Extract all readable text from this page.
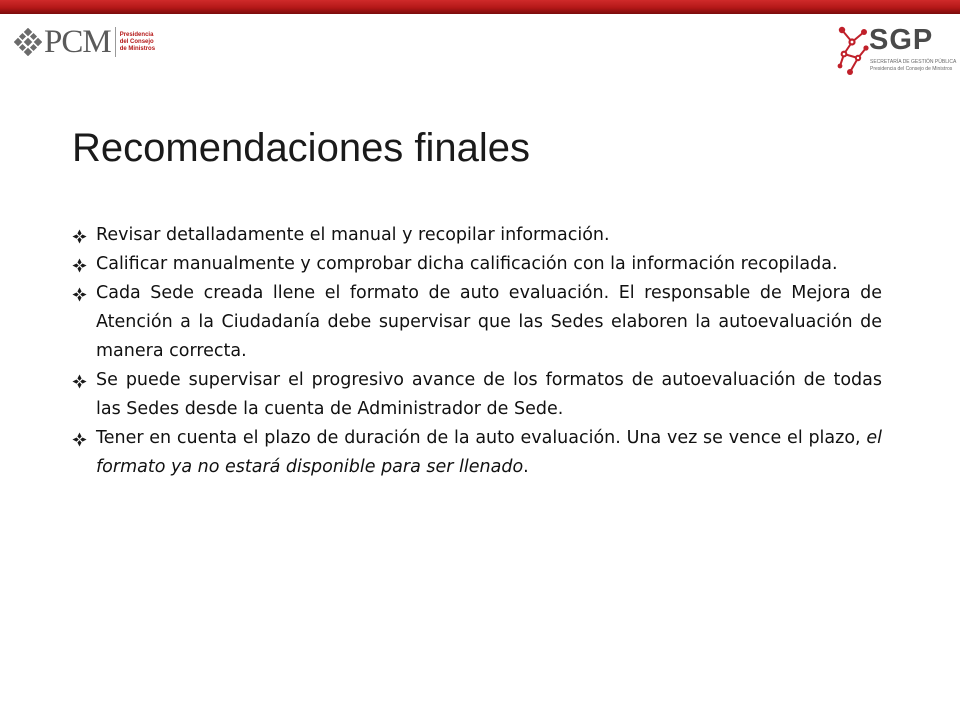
PCM Presidencia
del Consejo
de Ministros	SGP
SECRETARÍA DE GESTIÓN PÚBLICA
Presidencia del Consejo de Ministros
Recomendaciones finales
Revisar detalladamente el manual y recopilar información.
Calificar manualmente y comprobar dicha calificación con la información recopilada.
Cada Sede creada llene el formato de auto evaluación. El responsable de Mejora de Atención a la Ciudadanía debe supervisar que las Sedes elaboren la autoevaluación de manera correcta.
Se puede supervisar el progresivo avance de los formatos de autoevaluación de todas las Sedes desde la cuenta de Administrador de Sede.
Tener en cuenta el plazo de duración de la auto evaluación. Una vez se vence el plazo, el formato ya no estará disponible para ser llenado.
